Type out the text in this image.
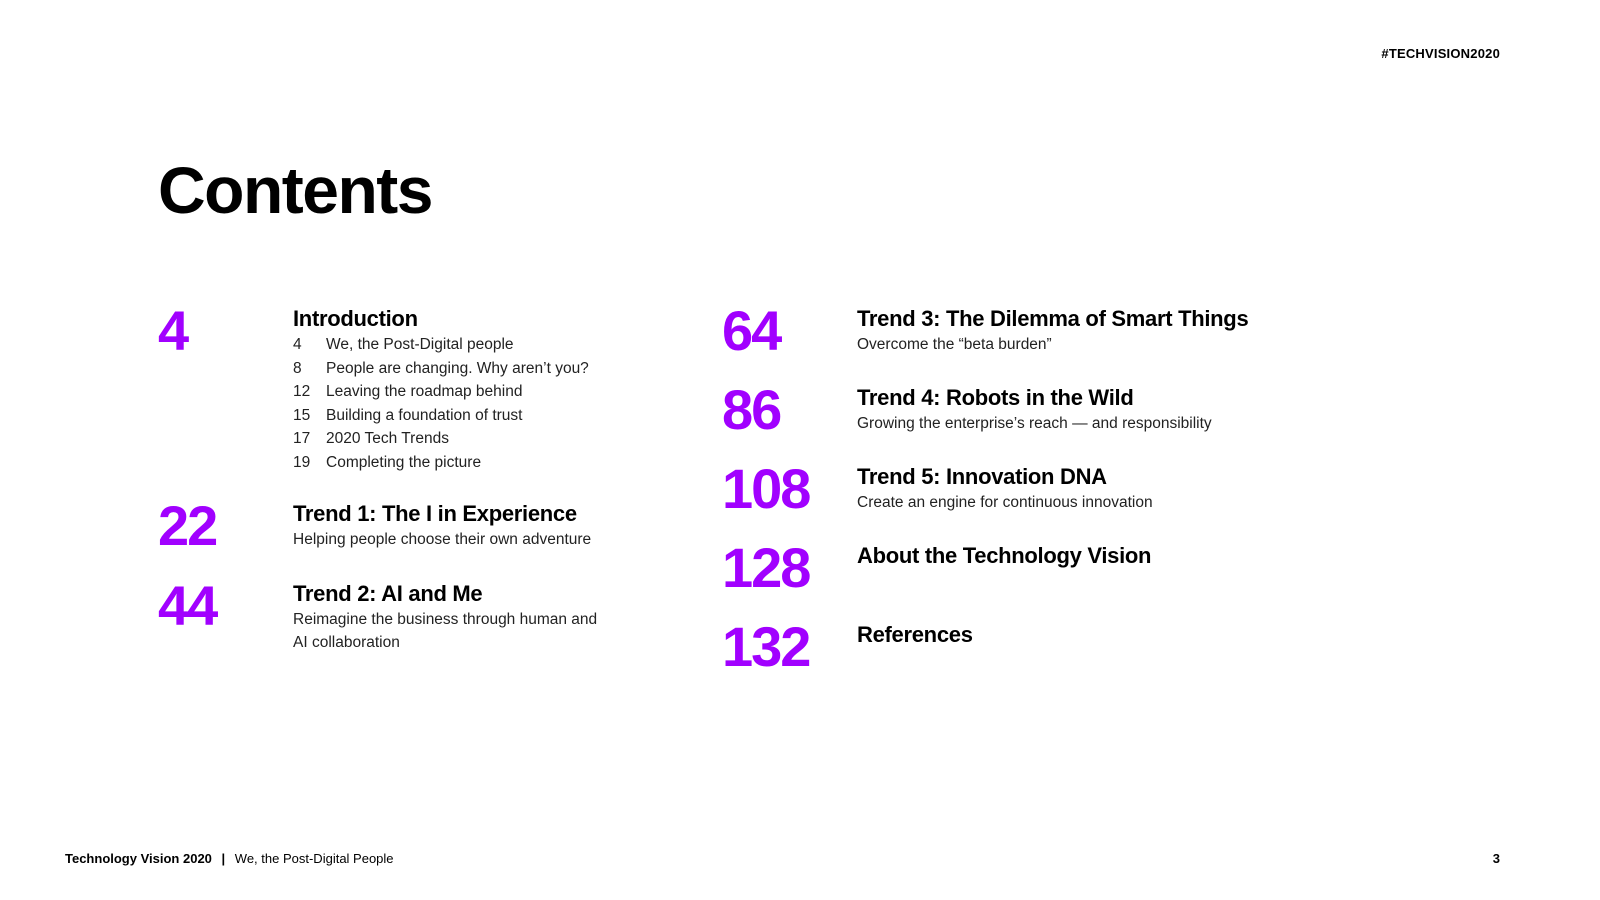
#TECHVISION2020
Contents
4	Introduction
4	We, the Post-Digital people
8	People are changing. Why aren’t you?
12	Leaving the roadmap behind
15	Building a foundation of trust
17	2020 Tech Trends
19	Completing the picture
22	Trend 1: The I in Experience
Helping people choose their own adventure
44	Trend 2: AI and Me
Reimagine the business through human and
AI collaboration
64	Trend 3: The Dilemma of Smart Things
Overcome the “beta burden”
86	Trend 4: Robots in the Wild
Growing the enterprise’s reach — and responsibility
108	Trend 5: Innovation DNA
Create an engine for continuous innovation
128	About the Technology Vision
132	References
Technology Vision 2020 | We, the Post-Digital People	3
